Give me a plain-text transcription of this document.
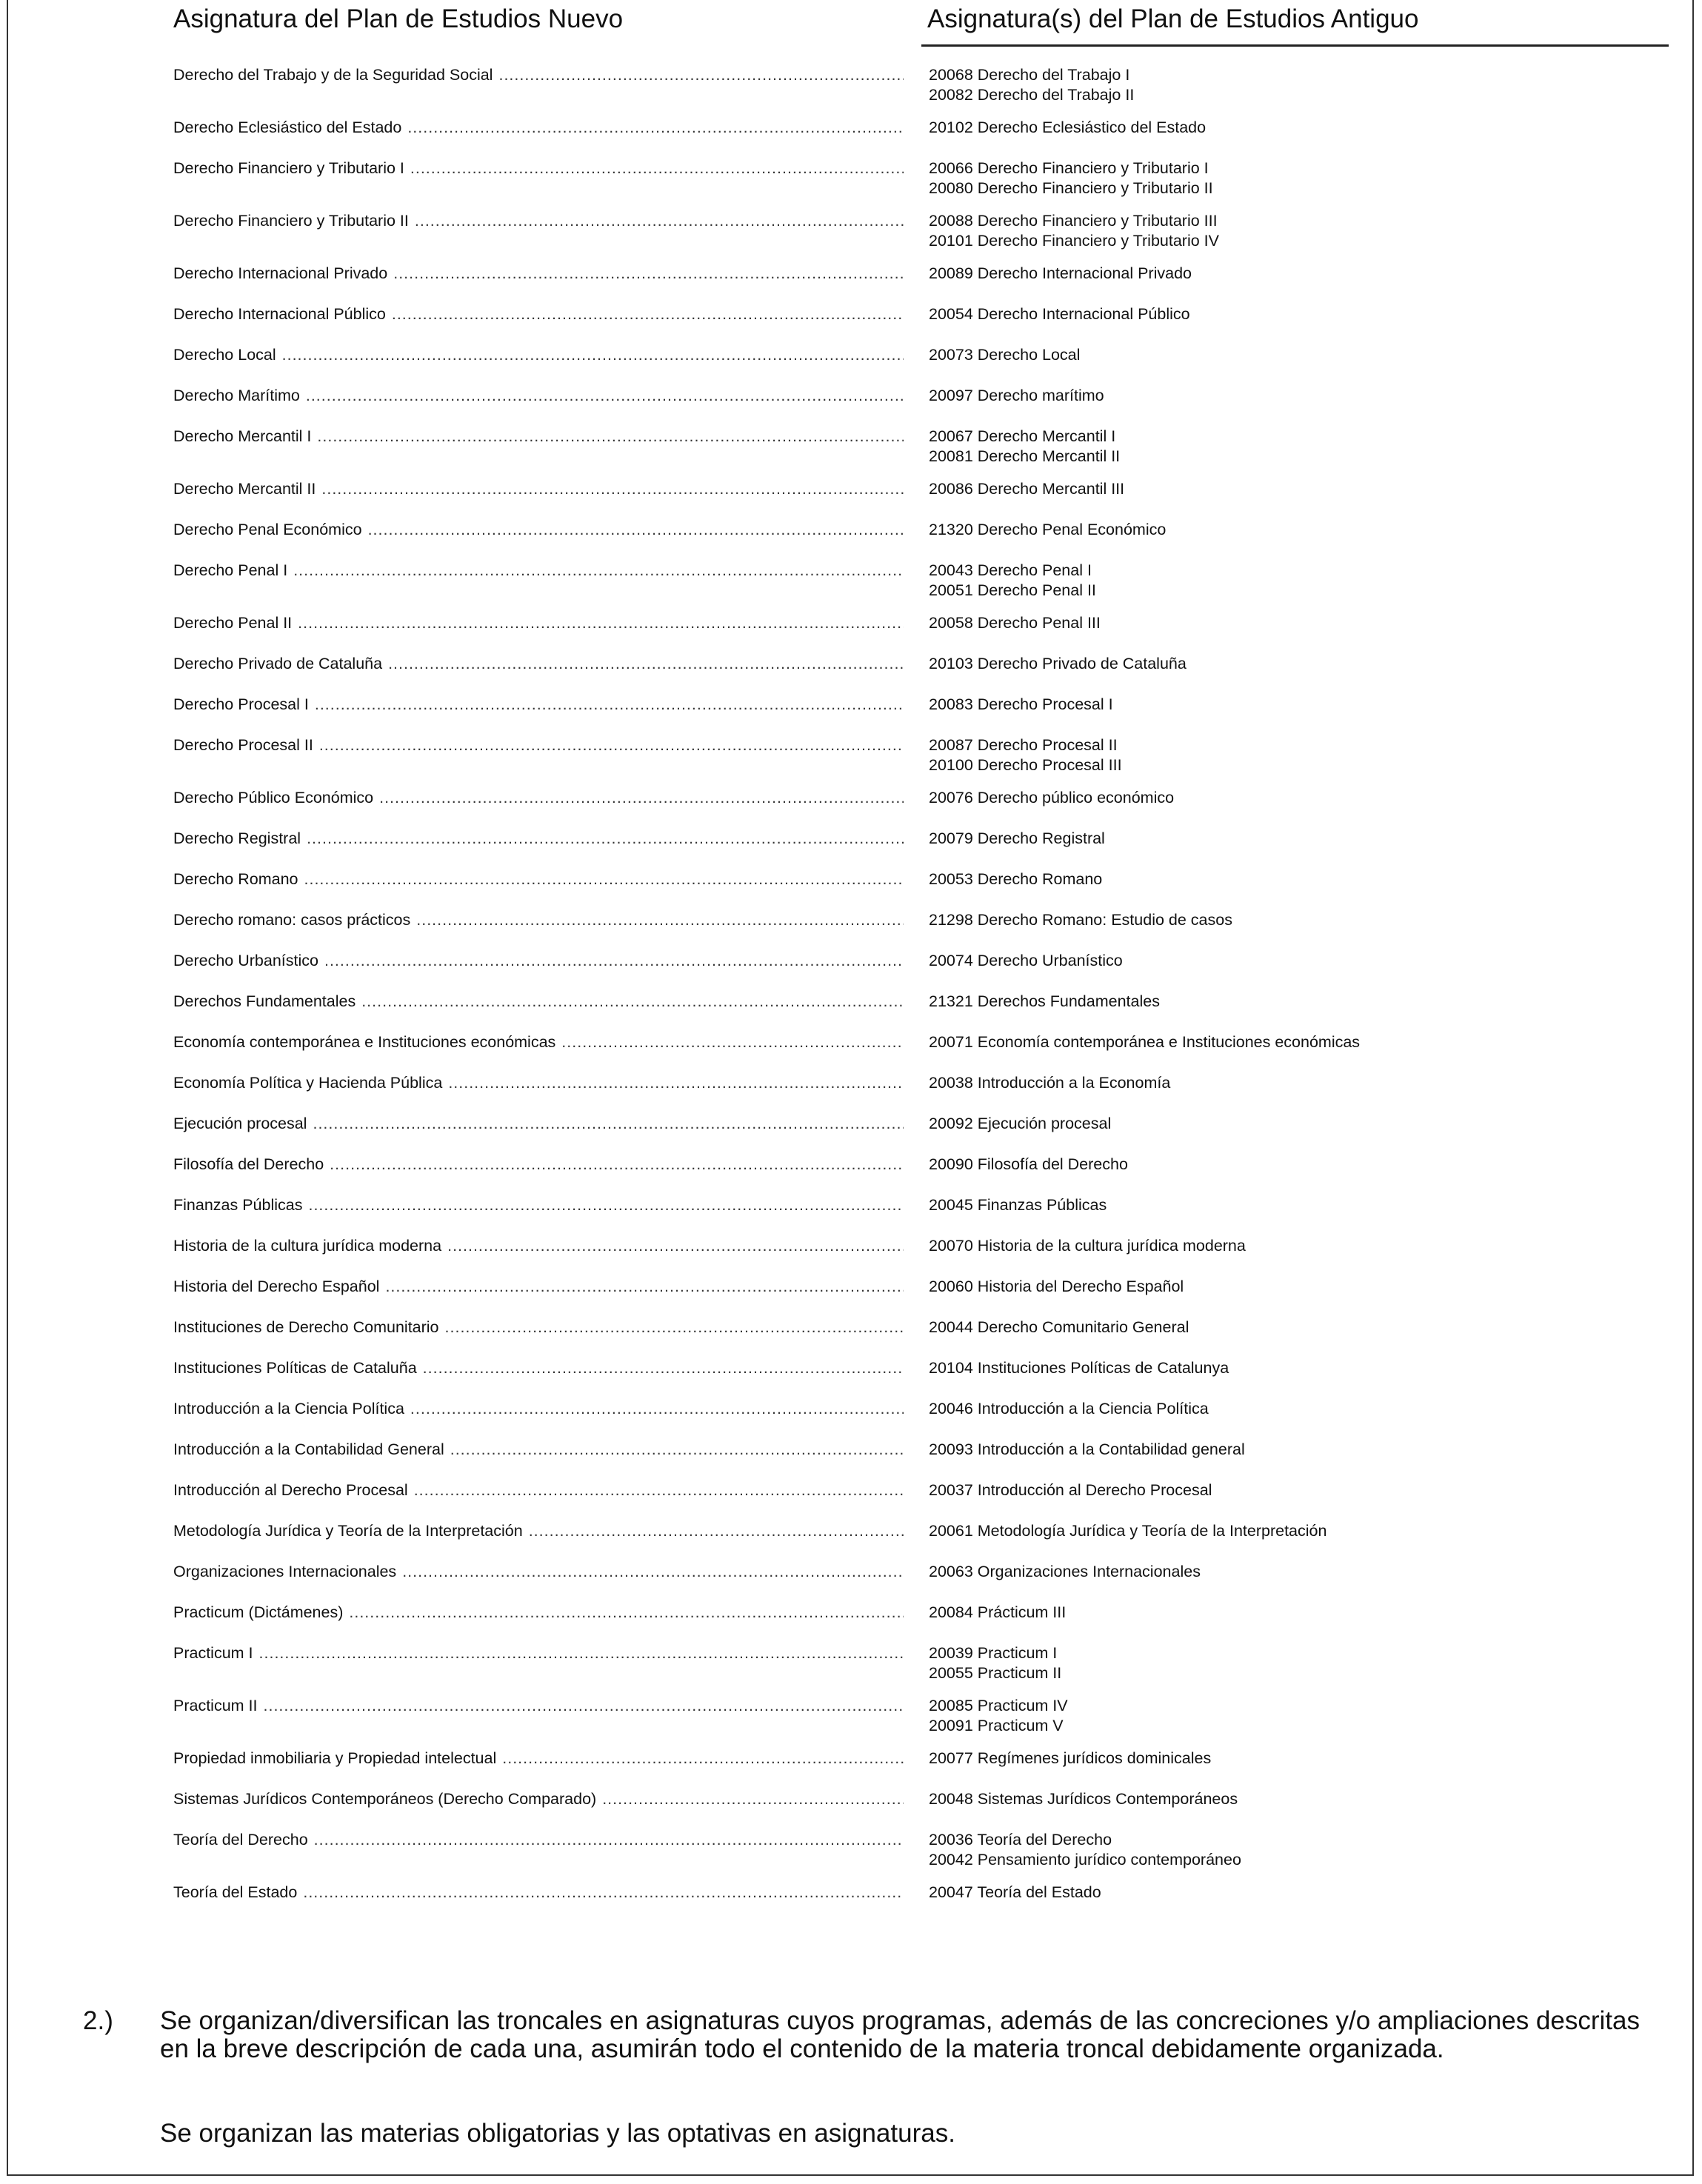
Asignatura del Plan de Estudios Nuevo	Asignatura(s) del Plan de Estudios Antiguo
Derecho del Trabajo y de la Seguridad Social .....	20068 Derecho del Trabajo I
20082 Derecho del Trabajo II
Derecho Eclesiástico del Estado .....	20102 Derecho Eclesiástico del Estado
Derecho Financiero y Tributario I .....	20066 Derecho Financiero y Tributario I
20080 Derecho Financiero y Tributario II
Derecho Financiero y Tributario II .....	20088 Derecho Financiero y Tributario III
20101 Derecho Financiero y Tributario IV
Derecho Internacional Privado .....	20089 Derecho Internacional Privado
Derecho Internacional Público .....	20054 Derecho Internacional Público
Derecho Local .....	20073 Derecho Local
Derecho Marítimo .....	20097 Derecho marítimo
Derecho Mercantil I .....	20067 Derecho Mercantil I
20081 Derecho Mercantil II
Derecho Mercantil II .....	20086 Derecho Mercantil III
Derecho Penal Económico .....	21320 Derecho Penal Económico
Derecho Penal I .....	20043 Derecho Penal I
20051 Derecho Penal II
Derecho Penal II .....	20058 Derecho Penal III
Derecho Privado de Cataluña .....	20103 Derecho Privado de Cataluña
Derecho Procesal I .....	20083 Derecho Procesal I
Derecho Procesal II .....	20087 Derecho Procesal II
20100 Derecho Procesal III
Derecho Público Económico .....	20076 Derecho público económico
Derecho Registral .....	20079 Derecho Registral
Derecho Romano .....	20053 Derecho Romano
Derecho romano: casos prácticos .....	21298 Derecho Romano: Estudio de casos
Derecho Urbanístico .....	20074 Derecho Urbanístico
Derechos Fundamentales .....	21321 Derechos Fundamentales
Economía contemporánea e Instituciones económicas .....	20071 Economía contemporánea e Instituciones económicas
Economía Política y Hacienda Pública .....	20038 Introducción a la Economía
Ejecución procesal .....	20092 Ejecución procesal
Filosofía del Derecho .....	20090 Filosofía del Derecho
Finanzas Públicas .....	20045 Finanzas Públicas
Historia de la cultura jurídica moderna .....	20070 Historia de la cultura jurídica moderna
Historia del Derecho Español .....	20060 Historia del Derecho Español
Instituciones de Derecho Comunitario .....	20044 Derecho Comunitario General
Instituciones Políticas de Cataluña .....	20104 Instituciones Políticas de Catalunya
Introducción a la Ciencia Política .....	20046 Introducción a la Ciencia Política
Introducción a la Contabilidad General .....	20093 Introducción a la Contabilidad general
Introducción al Derecho Procesal .....	20037 Introducción al Derecho Procesal
Metodología Jurídica y Teoría de la Interpretación .....	20061 Metodología Jurídica y Teoría de la Interpretación
Organizaciones Internacionales .....	20063 Organizaciones Internacionales
Practicum (Dictámenes) .....	20084 Prácticum III
Practicum I .....	20039 Practicum I
20055 Practicum II
Practicum II .....	20085 Practicum IV
20091 Practicum V
Propiedad inmobiliaria y Propiedad intelectual .....	20077 Regímenes jurídicos dominicales
Sistemas Jurídicos Contemporáneos (Derecho Comparado) .....	20048 Sistemas Jurídicos Contemporáneos
Teoría del Derecho .....	20036 Teoría del Derecho
20042 Pensamiento jurídico contemporáneo
Teoría del Estado .....	20047 Teoría del Estado
2.) Se organizan/diversifican las troncales en asignaturas cuyos programas, además de las concreciones y/o ampliaciones descritas en la breve descripción de cada una, asumirán todo el contenido de la materia troncal debidamente organizada.
Se organizan las materias obligatorias y las optativas en asignaturas.
